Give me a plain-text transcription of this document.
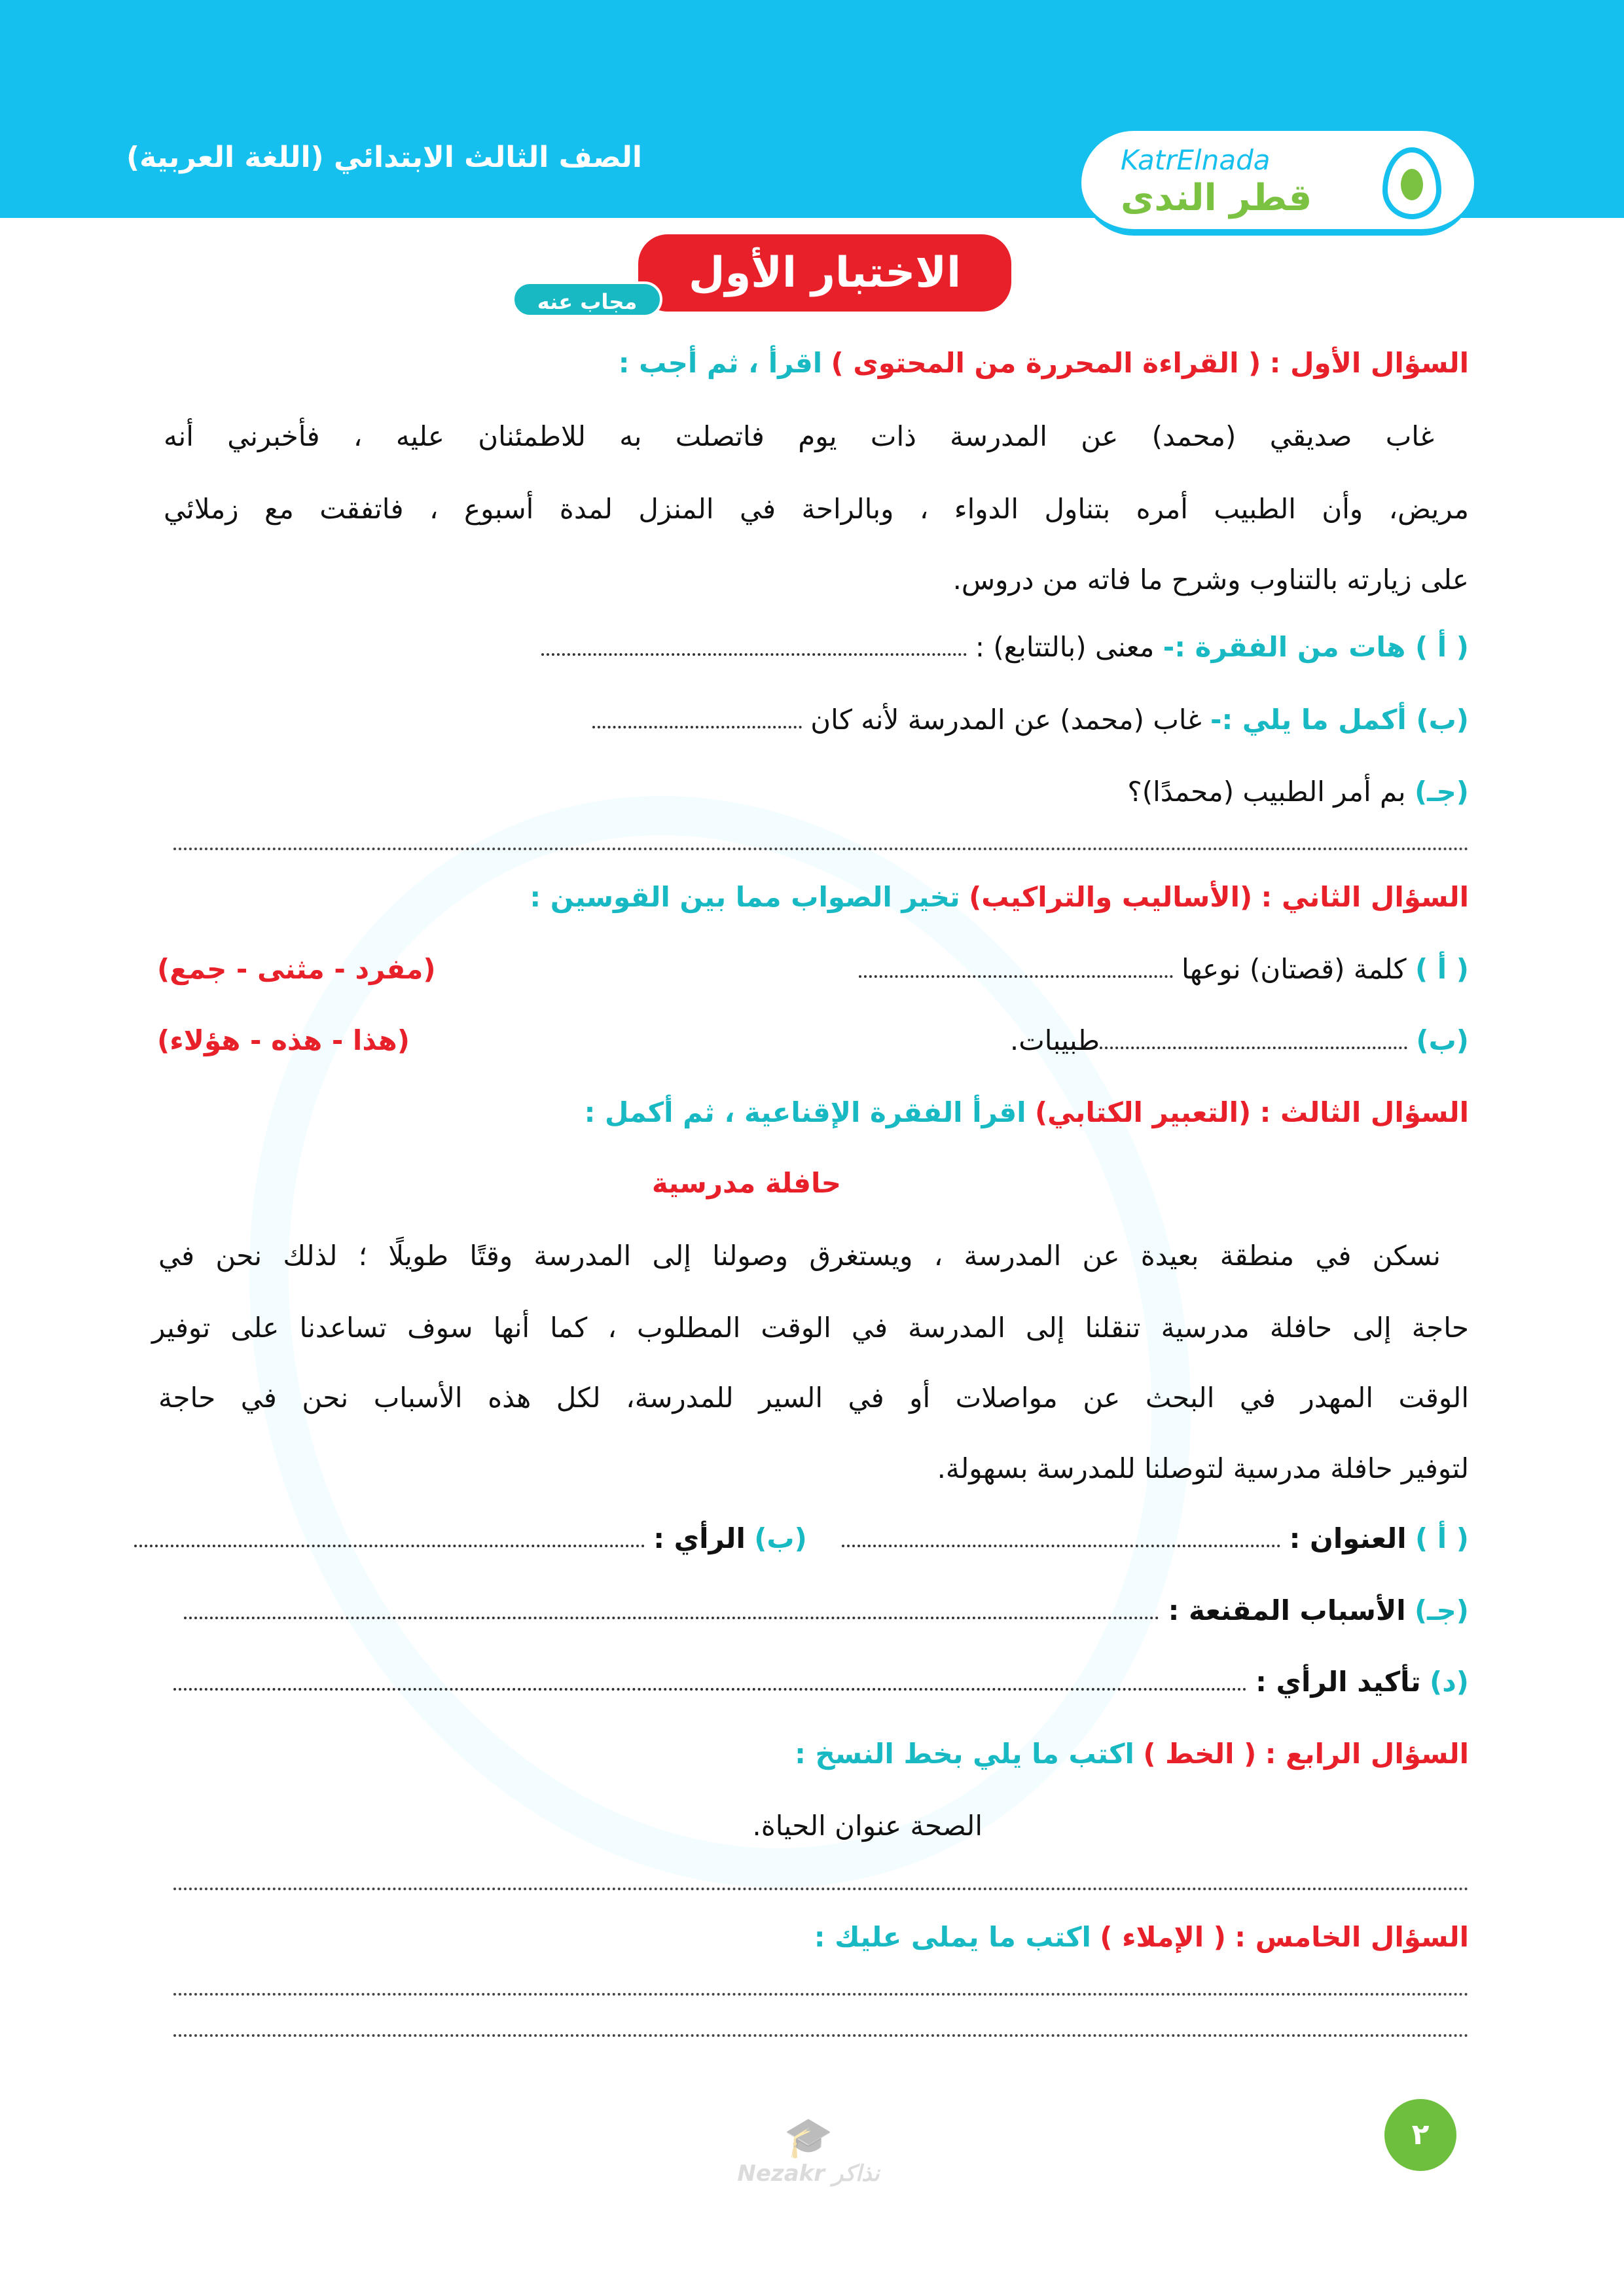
الصف الثالث الابتدائي (اللغة العربية)	KatrElnada
قطر الندى
الاختبار الأول
مجاب عنه
السؤال الأول : ( القراءة المحررة من المحتوى ) اقرأ ، ثم أجب :
غاب صديقي (محمد) عن المدرسة ذات يوم فاتصلت به للاطمئنان عليه ، فأخبرني أنه
مريض، وأن الطبيب أمره بتناول الدواء ، وبالراحة في المنزل لمدة أسبوع ، فاتفقت مع زملائي
على زيارته بالتناوب وشرح ما فاته من دروس.
( أ ) هات من الفقرة :- معنى (بالتتابع) :
(ب) أكمل ما يلي :- غاب (محمد) عن المدرسة لأنه كان
(جـ) بم أمر الطبيب (محمدًا)؟
السؤال الثاني : (الأساليب والتراكيب) تخير الصواب مما بين القوسين :
( أ ) كلمة (قصتان) نوعها
(مفرد - مثنى - جمع)
(ب) طبيبات.
(هذا - هذه - هؤلاء)
السؤال الثالث : (التعبير الكتابي) اقرأ الفقرة الإقناعية ، ثم أكمل :
حافلة مدرسية
نسكن في منطقة بعيدة عن المدرسة ، ويستغرق وصولنا إلى المدرسة وقتًا طويلًا ؛ لذلك نحن في
حاجة إلى حافلة مدرسية تنقلنا إلى المدرسة في الوقت المطلوب ، كما أنها سوف تساعدنا على توفير
الوقت المهدر في البحث عن مواصلات أو في السير للمدرسة، لكل هذه الأسباب نحن في حاجة
لتوفير حافلة مدرسية لتوصلنا للمدرسة بسهولة.
( أ ) العنوان :     (ب) الرأي :
(جـ) الأسباب المقنعة :
(د) تأكيد الرأي :
السؤال الرابع : ( الخط ) اكتب ما يلي بخط النسخ :
الصحة عنوان الحياة.
السؤال الخامس : ( الإملاء ) اكتب ما يملى عليك :
٢
🎓
Nezakr نذاكر
